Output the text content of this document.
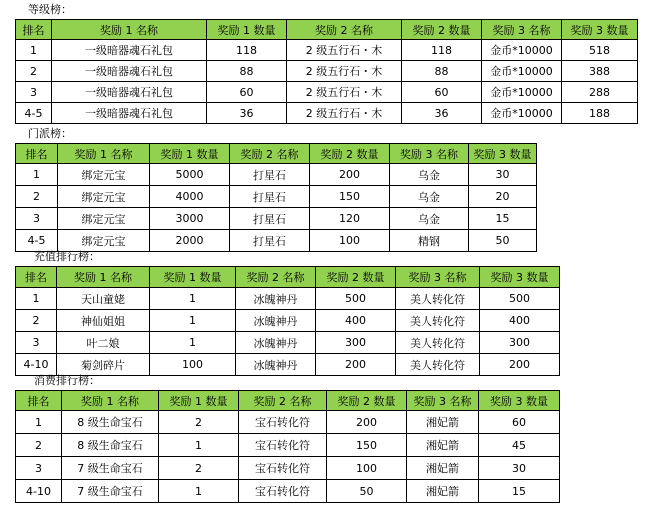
等级榜：
排名	奖励 1 名称	奖励 1 数量	奖励 2 名称	奖励 2 数量	奖励 3 名称	奖励 3 数量
1	一级暗器魂石礼包	118	2 级五行石・木	118	金币*10000	518
2	一级暗器魂石礼包	88	2 级五行石・木	88	金币*10000	388
3	一级暗器魂石礼包	60	2 级五行石・木	60	金币*10000	288
4-5	一级暗器魂石礼包	36	2 级五行石・木	36	金币*10000	188
门派榜：
排名	奖励 1 名称	奖励 1 数量	奖励 2 名称	奖励 2 数量	奖励 3 名称	奖励 3 数量
1	绑定元宝	5000	打星石	200	乌金	30
2	绑定元宝	4000	打星石	150	乌金	20
3	绑定元宝	3000	打星石	120	乌金	15
4-5	绑定元宝	2000	打星石	100	精钢	50
充值排行榜：
排名	奖励 1 名称	奖励 1 数量	奖励 2 名称	奖励 2 数量	奖励 3 名称	奖励 3 数量
1	天山童姥	1	冰魄神丹	500	美人转化符	500
2	神仙姐姐	1	冰魄神丹	400	美人转化符	400
3	叶二娘	1	冰魄神丹	300	美人转化符	300
4-10	菊剑碎片	100	冰魄神丹	200	美人转化符	200
消费排行榜：
排名	奖励 1 名称	奖励 1 数量	奖励 2 名称	奖励 2 数量	奖励 3 名称	奖励 3 数量
1	8 级生命宝石	2	宝石转化符	200	湘妃箭	60
2	8 级生命宝石	1	宝石转化符	150	湘妃箭	45
3	7 级生命宝石	2	宝石转化符	100	湘妃箭	30
4-10	7 级生命宝石	1	宝石转化符	50	湘妃箭	15
